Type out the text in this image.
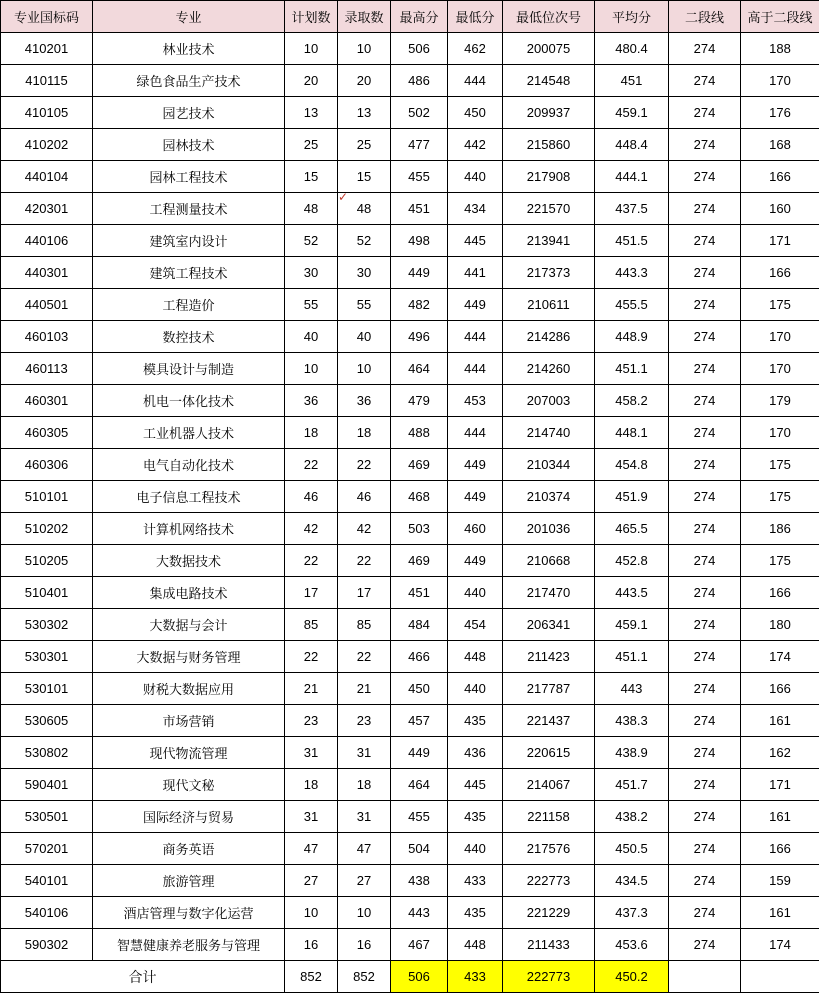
专业国标码	专业	计划数	录取数	最高分	最低分	最低位次号	平均分	二段线	高于二段线
410201	林业技术	10	10	506	462	200075	480.4	274	188
410115	绿色食品生产技术	20	20	486	444	214548	451	274	170
410105	园艺技术	13	13	502	450	209937	459.1	274	176
410202	园林技术	25	25	477	442	215860	448.4	274	168
440104	园林工程技术	15	15	455	440	217908	444.1	274	166
420301	工程测量技术	48	48	451	434	221570	437.5	274	160
440106	建筑室内设计	52	52	498	445	213941	451.5	274	171
440301	建筑工程技术	30	30	449	441	217373	443.3	274	166
440501	工程造价	55	55	482	449	210611	455.5	274	175
460103	数控技术	40	40	496	444	214286	448.9	274	170
460113	模具设计与制造	10	10	464	444	214260	451.1	274	170
460301	机电一体化技术	36	36	479	453	207003	458.2	274	179
460305	工业机器人技术	18	18	488	444	214740	448.1	274	170
460306	电气自动化技术	22	22	469	449	210344	454.8	274	175
510101	电子信息工程技术	46	46	468	449	210374	451.9	274	175
510202	计算机网络技术	42	42	503	460	201036	465.5	274	186
510205	大数据技术	22	22	469	449	210668	452.8	274	175
510401	集成电路技术	17	17	451	440	217470	443.5	274	166
530302	大数据与会计	85	85	484	454	206341	459.1	274	180
530301	大数据与财务管理	22	22	466	448	211423	451.1	274	174
530101	财税大数据应用	21	21	450	440	217787	443	274	166
530605	市场营销	23	23	457	435	221437	438.3	274	161
530802	现代物流管理	31	31	449	436	220615	438.9	274	162
590401	现代文秘	18	18	464	445	214067	451.7	274	171
530501	国际经济与贸易	31	31	455	435	221158	438.2	274	161
570201	商务英语	47	47	504	440	217576	450.5	274	166
540101	旅游管理	27	27	438	433	222773	434.5	274	159
540106	酒店管理与数字化运营	10	10	443	435	221229	437.3	274	161
590302	智慧健康养老服务与管理	16	16	467	448	211433	453.6	274	174
合计		852	852	506	433	222773	450.2		
✓
